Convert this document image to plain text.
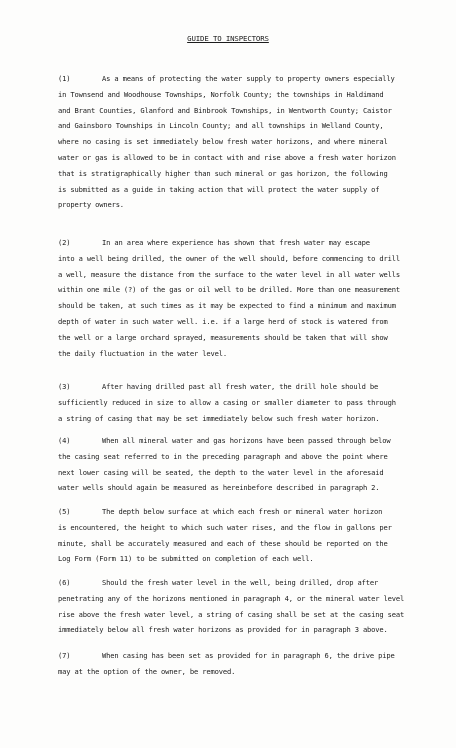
GUIDE TO INSPECTORS
(1)	As a means of protecting the water supply to property owners especially
in Townsend and Woodhouse Townships, Norfolk County; the townships in Haldimand
and Brant Counties, Glanford and Binbrook Townships, in Wentworth County; Caistor
and Gainsboro Townships in Lincoln County; and all townships in Welland County,
where no casing is set immediately below fresh water horizons, and where mineral
water or gas is allowed to be in contact with and rise above a fresh water horizon
that is stratigraphically higher than such mineral or gas horizon, the following
is submitted as a guide in taking action that will protect the water supply of
property owners.
(2)	In an area where experience has shown that fresh water may escape
into a well being drilled, the owner of the well should, before commencing to drill
a well, measure the distance from the surface to the water level in all water wells
within one mile (?) of the gas or oil well to be drilled. More than one measurement
should be taken, at such times as it may be expected to find a minimum and maximum
depth of water in such water well. i.e. if a large herd of stock is watered from
the well or a large orchard sprayed, measurements should be taken that will show
the daily fluctuation in the water level.
(3)	After having drilled past all fresh water, the drill hole should be
sufficiently reduced in size to allow a casing or smaller diameter to pass through
a string of casing that may be set immediately below such fresh water horizon.
(4)	When all mineral water and gas horizons have been passed through below
the casing seat referred to in the preceding paragraph and above the point where
next lower casing will be seated, the depth to the water level in the aforesaid
water wells should again be measured as hereinbefore described in paragraph 2.
(5)	The depth below surface at which each fresh or mineral water horizon
is encountered, the height to which such water rises, and the flow in gallons per
minute, shall be accurately measured and each of these should be reported on the
Log Form (Form 11) to be submitted on completion of each well.
(6)	Should the fresh water level in the well, being drilled, drop after
penetrating any of the horizons mentioned in paragraph 4, or the mineral water level
rise above the fresh water level, a string of casing shall be set at the casing seat
immediately below all fresh water horizons as provided for in paragraph 3 above.
(7)	When casing has been set as provided for in paragraph 6, the drive pipe
may at the option of the owner, be removed.
